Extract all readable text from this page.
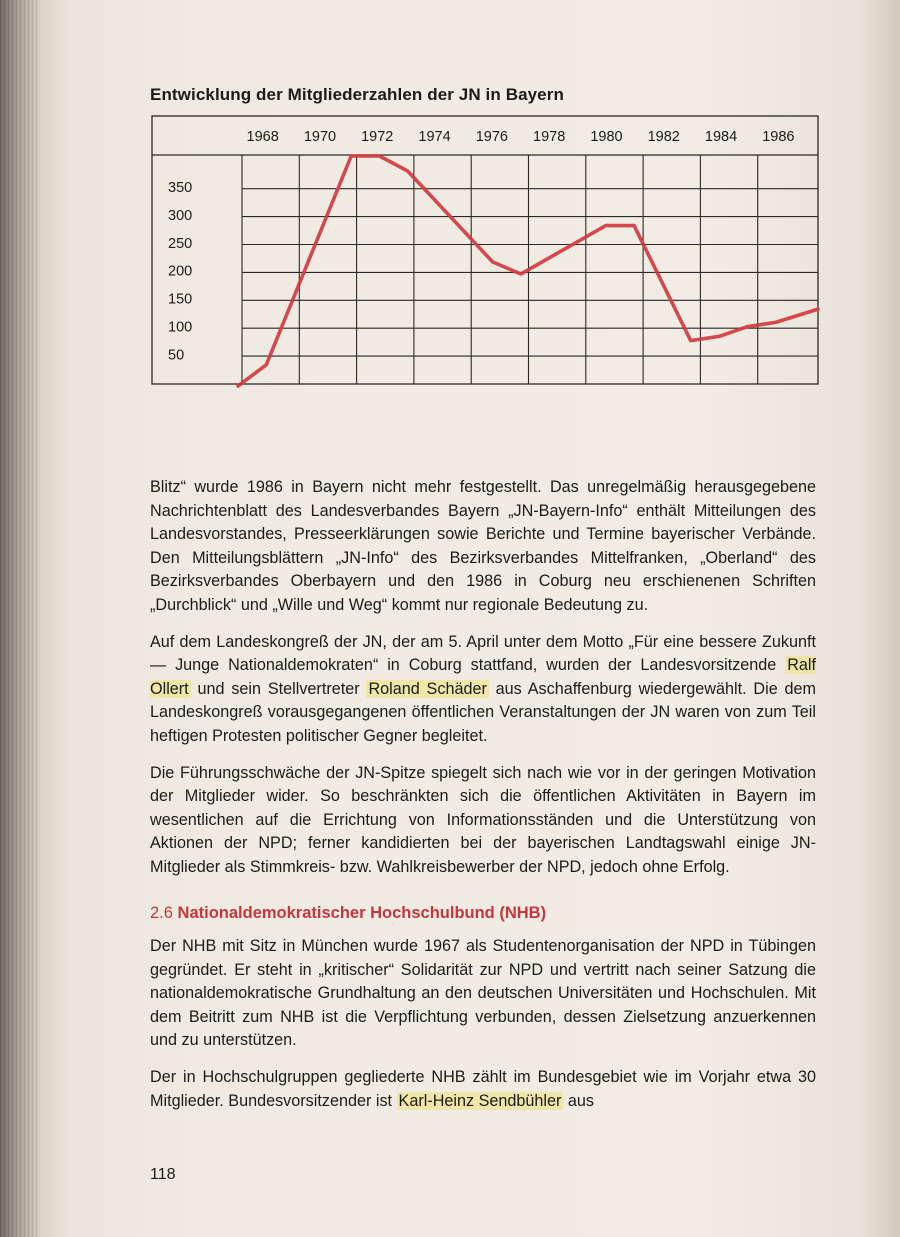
Entwicklung der Mitgliederzahlen der JN in Bayern
1968 1970 1972 1974 1976 1978 1980 1982 1984 1986
350
300
250
200
150
100
50

Blitz“ wurde 1986 in Bayern nicht mehr festgestellt. Das unregelmäßig herausgegebene Nachrichtenblatt des Landesverbandes Bayern „JN-Bayern-Info“ enthält Mitteilungen des Landesvorstandes, Presseerklärungen sowie Berichte und Termine bayerischer Verbände. Den Mitteilungsblättern „JN-Info“ des Bezirksverbandes Mittelfranken, „Oberland“ des Bezirksverbandes Oberbayern und den 1986 in Coburg neu erschienenen Schriften „Durchblick“ und „Wille und Weg“ kommt nur regionale Bedeutung zu.

Auf dem Landeskongreß der JN, der am 5. April unter dem Motto „Für eine bessere Zukunft — Junge Nationaldemokraten“ in Coburg stattfand, wurden der Landesvorsitzende Ralf Ollert und sein Stellvertreter Roland Schäder aus Aschaffenburg wiedergewählt. Die dem Landeskongreß vorausgegangenen öffentlichen Veranstaltungen der JN waren von zum Teil heftigen Protesten politischer Gegner begleitet.

Die Führungsschwäche der JN-Spitze spiegelt sich nach wie vor in der geringen Motivation der Mitglieder wider. So beschränkten sich die öffentlichen Aktivitäten in Bayern im wesentlichen auf die Errichtung von Informationsständen und die Unterstützung von Aktionen der NPD; ferner kandidierten bei der bayerischen Landtagswahl einige JN-Mitglieder als Stimmkreis- bzw. Wahlkreisbewerber der NPD, jedoch ohne Erfolg.

2.6 Nationaldemokratischer Hochschulbund (NHB)

Der NHB mit Sitz in München wurde 1967 als Studentenorganisation der NPD in Tübingen gegründet. Er steht in „kritischer“ Solidarität zur NPD und vertritt nach seiner Satzung die nationaldemokratische Grundhaltung an den deutschen Universitäten und Hochschulen. Mit dem Beitritt zum NHB ist die Verpflichtung verbunden, dessen Zielsetzung anzuerkennen und zu unterstützen.

Der in Hochschulgruppen gegliederte NHB zählt im Bundesgebiet wie im Vorjahr etwa 30 Mitglieder. Bundesvorsitzender ist Karl-Heinz Sendbühler aus

118
